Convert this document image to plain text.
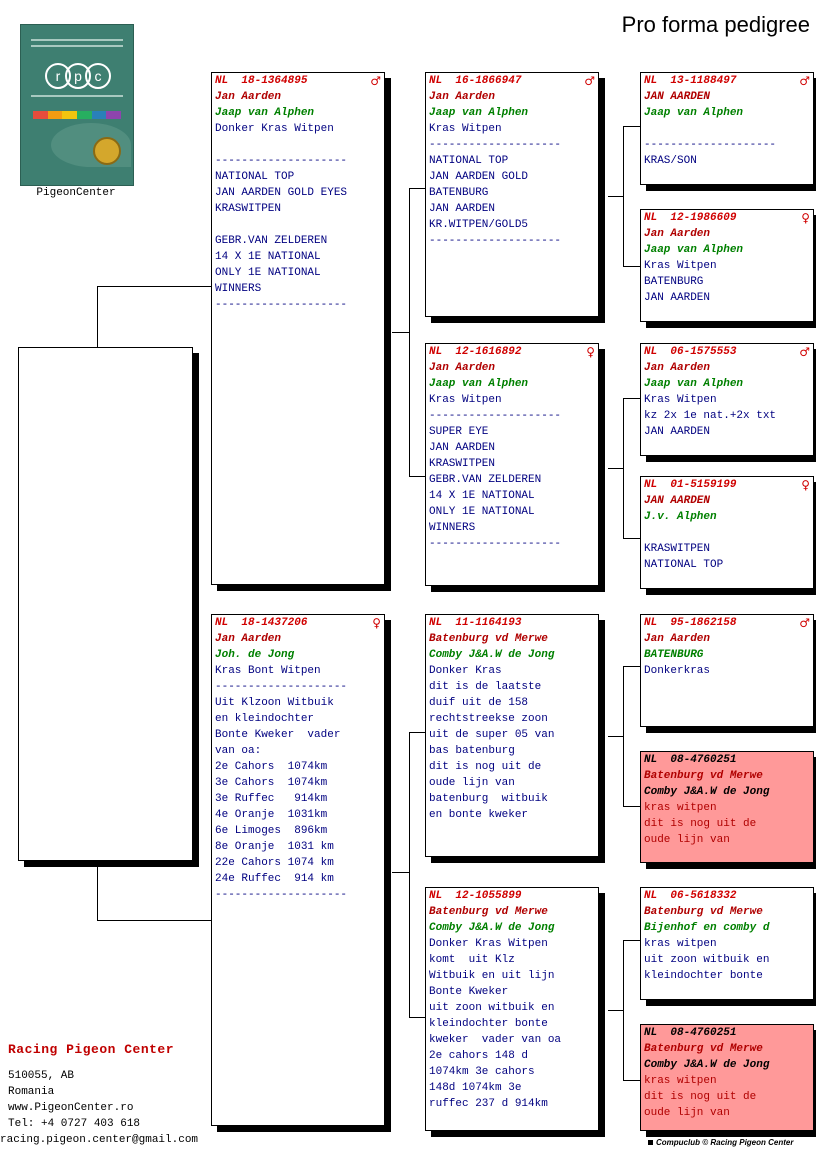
Pro forma pedigree
r p c
PigeonCenter
NL  18-1364895	♂
Jan Aarden
Jaap van Alphen
Donker Kras Witpen

--------------------
NATIONAL TOP
JAN AARDEN GOLD EYES
KRASWITPEN

GEBR.VAN ZELDEREN
14 X 1E NATIONAL
ONLY 1E NATIONAL
WINNERS
--------------------
NL  18-1437206	♀
Jan Aarden
Joh. de Jong
Kras Bont Witpen
--------------------
Uit Klzoon Witbuik
en kleindochter
Bonte Kweker  vader
van oa:
2e Cahors  1074km
3e Cahors  1074km
3e Ruffec   914km
4e Oranje  1031km
6e Limoges  896km
8e Oranje  1031 km
22e Cahors 1074 km
24e Ruffec  914 km
--------------------
NL  16-1866947	♂
Jan Aarden
Jaap van Alphen
Kras Witpen
--------------------
NATIONAL TOP
JAN AARDEN GOLD
BATENBURG
JAN AARDEN
KR.WITPEN/GOLD5
--------------------
NL  12-1616892	♀
Jan Aarden
Jaap van Alphen
Kras Witpen
--------------------
SUPER EYE
JAN AARDEN
KRASWITPEN
GEBR.VAN ZELDEREN
14 X 1E NATIONAL
ONLY 1E NATIONAL
WINNERS
--------------------
NL  11-1164193
Batenburg vd Merwe
Comby J&A.W de Jong
Donker Kras
dit is de laatste
duif uit de 158
rechtstreekse zoon
uit de super 05 van
bas batenburg
dit is nog uit de
oude lijn van
batenburg  witbuik
en bonte kweker
NL  12-1055899
Batenburg vd Merwe
Comby J&A.W de Jong
Donker Kras Witpen
komt  uit Klz
Witbuik en uit lijn
Bonte Kweker
uit zoon witbuik en
kleindochter bonte
kweker  vader van oa
2e cahors 148 d
1074km 3e cahors
148d 1074km 3e
ruffec 237 d 914km
NL  13-1188497	♂
JAN AARDEN
Jaap van Alphen

--------------------
KRAS/SON
NL  12-1986609	♀
Jan Aarden
Jaap van Alphen
Kras Witpen
BATENBURG
JAN AARDEN
NL  06-1575553	♂
Jan Aarden
Jaap van Alphen
Kras Witpen
kz 2x 1e nat.+2x txt
JAN AARDEN
NL  01-5159199	♀
JAN AARDEN
J.v. Alphen

KRASWITPEN
NATIONAL TOP
NL  95-1862158	♂
Jan Aarden
BATENBURG
Donkerkras
NL  08-4760251
Batenburg vd Merwe
Comby J&A.W de Jong
kras witpen
dit is nog uit de
oude lijn van
NL  06-5618332
Batenburg vd Merwe
Bijenhof en comby d
kras witpen
uit zoon witbuik en
kleindochter bonte
NL  08-4760251
Batenburg vd Merwe
Comby J&A.W de Jong
kras witpen
dit is nog uit de
oude lijn van
Racing Pigeon Center
510055, AB
Romania
www.PigeonCenter.ro
Tel: +4 0727 403 618
racing.pigeon.center@gmail.com	Compuclub © Racing Pigeon Center
